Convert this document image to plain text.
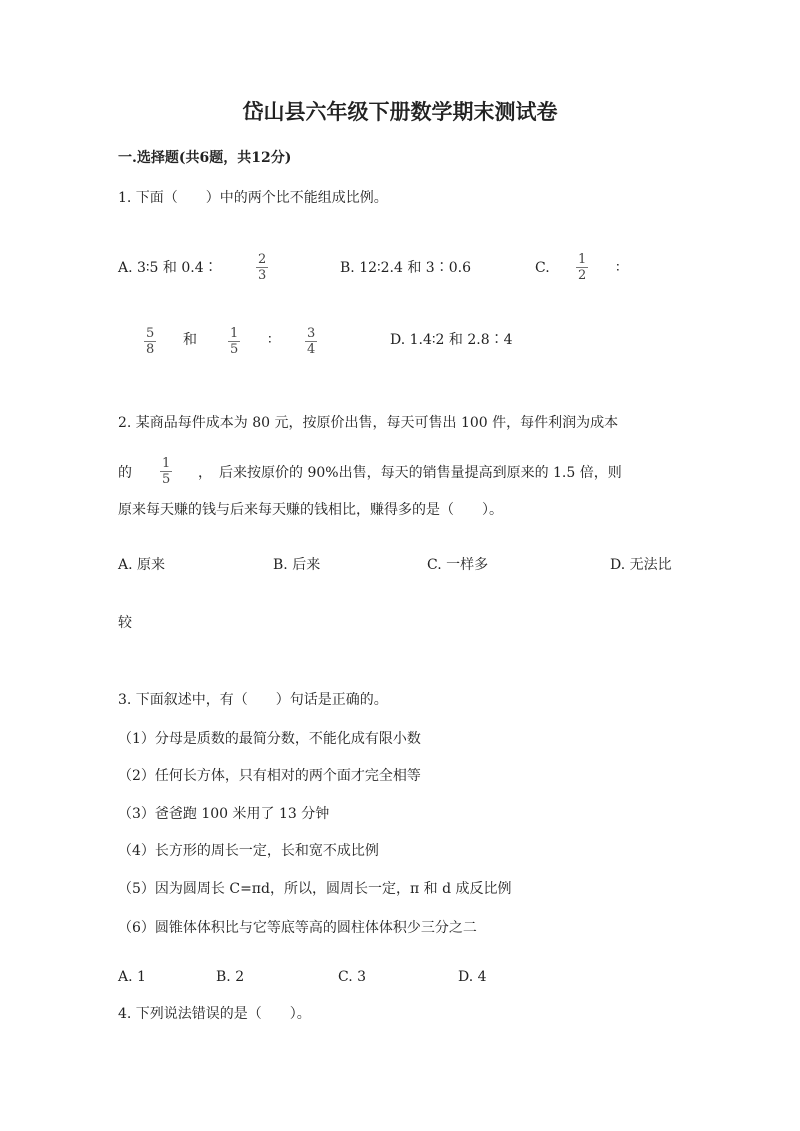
岱山县六年级下册数学期末测试卷
一.选择题(共6题，共12分)
1. 下面（　　）中的两个比不能组成比例。
A. 3∶5 和 0.4∶	$\frac{2}{3}$	B. 12∶2.4 和 3∶0.6	C. $\frac{1}{2}$ ∶
$\frac{5}{8}$ 和 $\frac{1}{5}$ ∶	$\frac{3}{4}$	D. 1.4∶2 和 2.8∶4
2. 某商品每件成本为 80 元，按原价出售，每天可售出 100 件，每件利润为成本
的 $\frac{1}{5}$ ，　后来按原价的 90%出售，每天的销售量提高到原来的 1.5 倍，则
原来每天赚的钱与后来每天赚的钱相比，赚得多的是（　　）。
A. 原来	B. 后来	C. 一样多	D. 无法比
较
3. 下面叙述中，有（　　）句话是正确的。
（1）分母是质数的最简分数，不能化成有限小数
（2）任何长方体，只有相对的两个面才完全相等
（3）爸爸跑 100 米用了 13 分钟
（4）长方形的周长一定，长和宽不成比例
（5）因为圆周长 C=πd，所以，圆周长一定，π 和 d 成反比例
（6）圆锥体体积比与它等底等高的圆柱体体积少三分之二
A. 1	B. 2	C. 3	D. 4
4. 下列说法错误的是（　　）。
